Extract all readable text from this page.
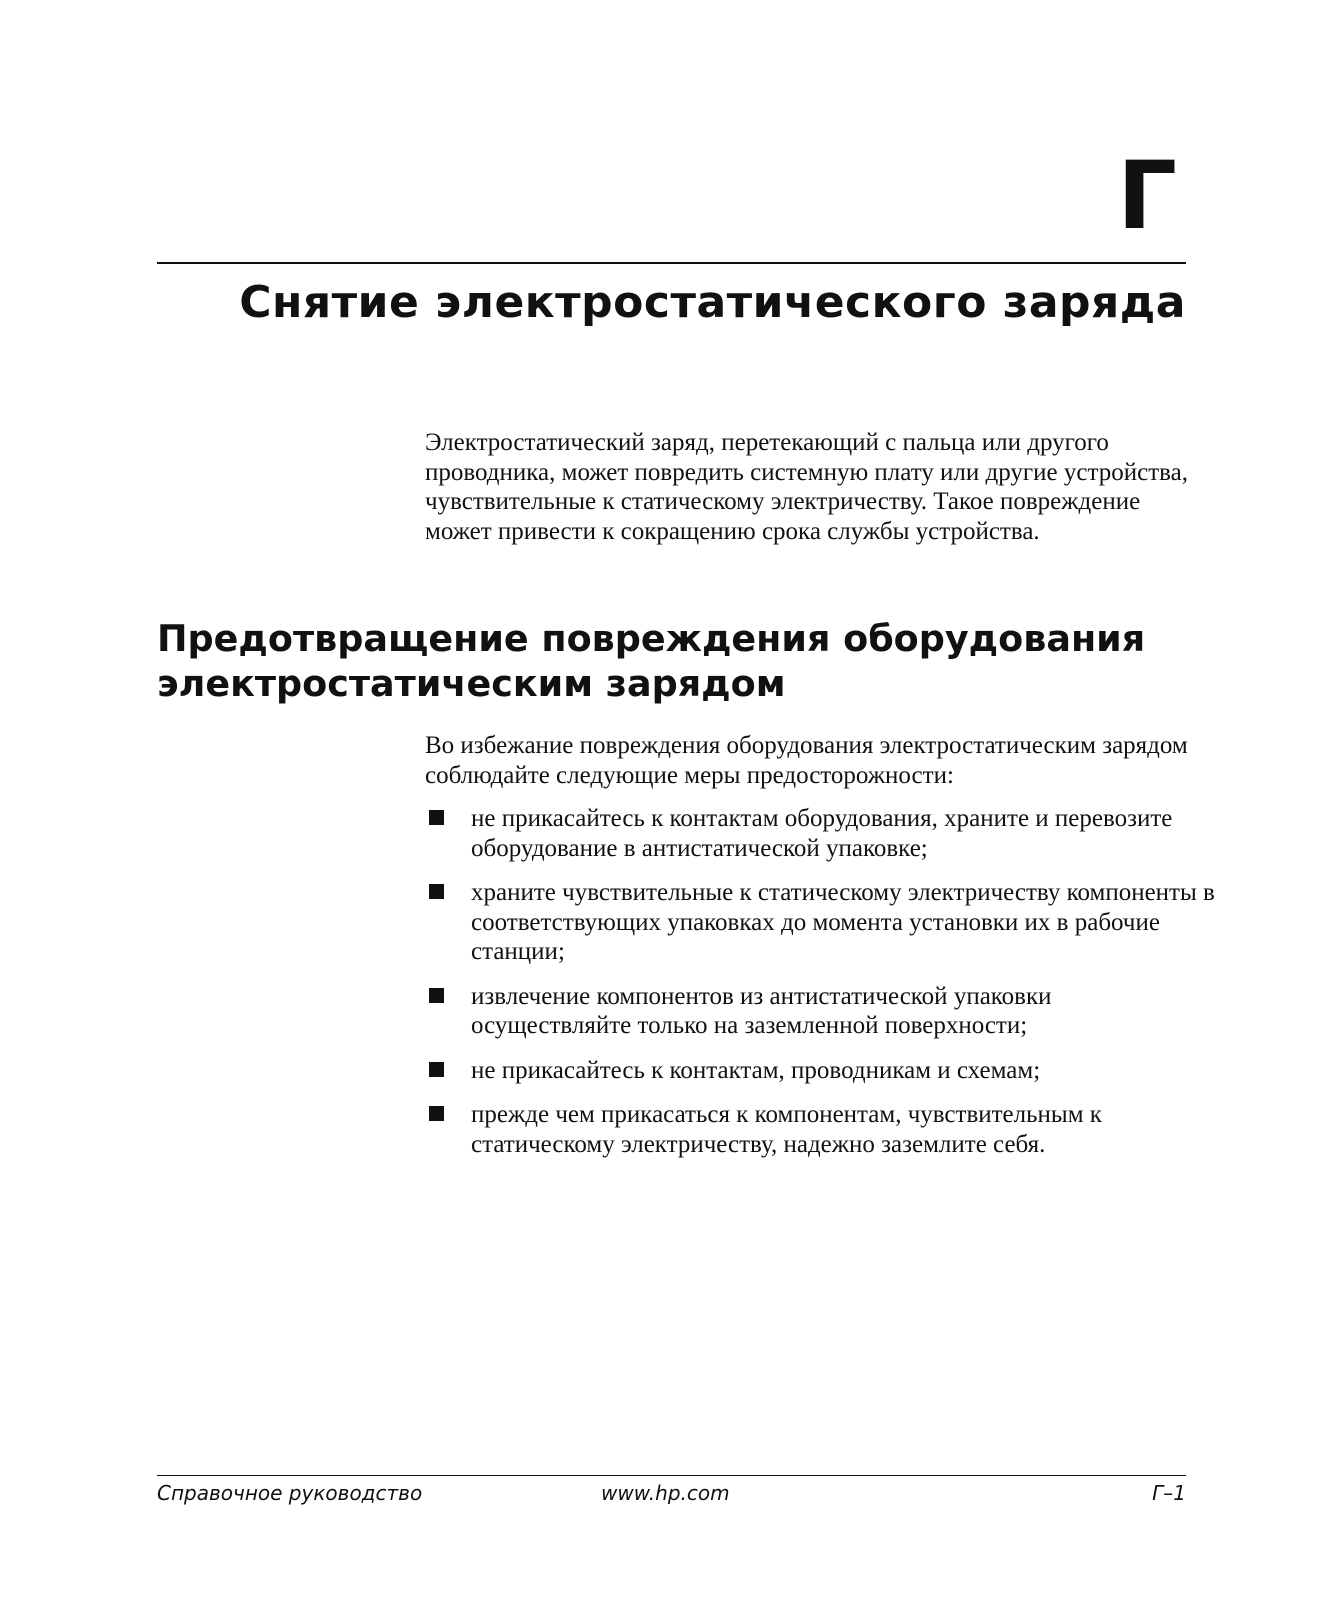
Г
Снятие электростатического заряда

Электростатический заряд, перетекающий с пальца или другого проводника, может повредить системную плату или другие устройства, чувствительные к статическому электричеству. Такое повреждение может привести к сокращению срока службы устройства.

Предотвращение повреждения оборудования электростатическим зарядом

Во избежание повреждения оборудования электростатическим зарядом соблюдайте следующие меры предосторожности:

не прикасайтесь к контактам оборудования, храните и перевозите оборудование в антистатической упаковке;
храните чувствительные к статическому электричеству компоненты в соответствующих упаковках до момента установки их в рабочие станции;
извлечение компонентов из антистатической упаковки осуществляйте только на заземленной поверхности;
не прикасайтесь к контактам, проводникам и схемам;
прежде чем прикасаться к компонентам, чувствительным к статическому электричеству, надежно заземлите себя.

Справочное руководство	www.hp.com	Г–1
